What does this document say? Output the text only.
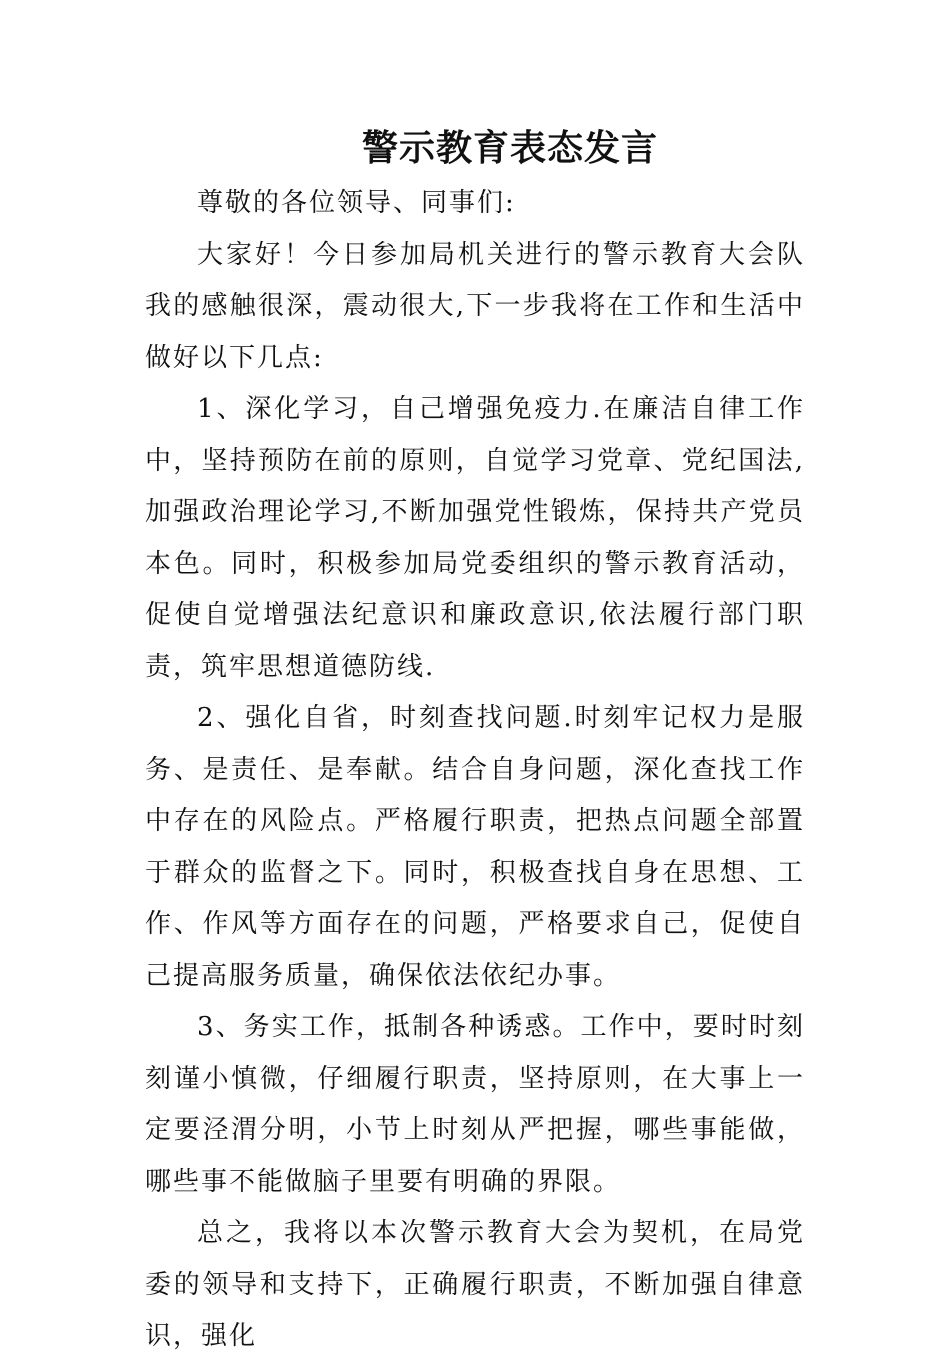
警示教育表态发言

尊敬的各位领导、同事们:

大家好！今日参加局机关进行的警示教育大会队我的感触很深，震动很大,下一步我将在工作和生活中做好以下几点:

1、深化学习，自己增强免疫力.在廉洁自律工作中，坚持预防在前的原则，自觉学习党章、党纪国法,加强政治理论学习,不断加强党性锻炼，保持共产党员本色。同时，积极参加局党委组织的警示教育活动，促使自觉增强法纪意识和廉政意识,依法履行部门职责，筑牢思想道德防线.

2、强化自省，时刻查找问题.时刻牢记权力是服务、是责任、是奉献。结合自身问题，深化查找工作中存在的风险点。严格履行职责，把热点问题全部置于群众的监督之下。同时，积极查找自身在思想、工作、作风等方面存在的问题，严格要求自己，促使自己提高服务质量，确保依法依纪办事。

3、务实工作，抵制各种诱惑。工作中，要时时刻刻谨小慎微，仔细履行职责，坚持原则，在大事上一定要泾渭分明，小节上时刻从严把握，哪些事能做，哪些事不能做脑子里要有明确的界限。

总之，我将以本次警示教育大会为契机，在局党委的领导和支持下，正确履行职责，不断加强自律意识，强化
